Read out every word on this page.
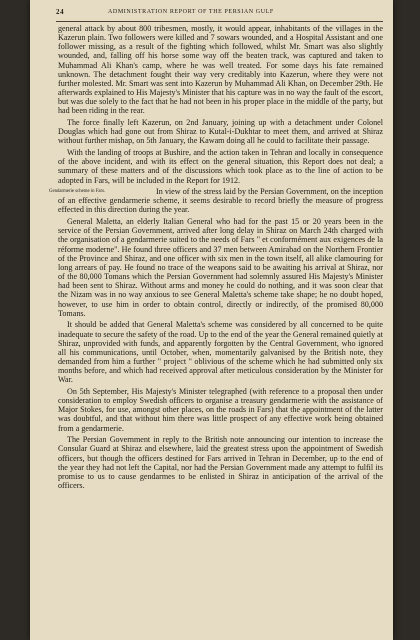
24	ADMINISTRATION REPORT OF THE PERSIAN GULF

general attack by about 800 tribesmen, mostly, it would appear, inhabitants of the villages in the Kazerun plain. Two followers were killed and 7 sowars wounded, and a Hospital Assistant and one follower missing, as a result of the fighting which followed, whilst Mr. Smart was also slightly wounded, and, falling off his horse some way off the beaten track, was captured and taken to Muhammad Ali Khan's camp, where he was well treated. For some days his fate remained unknown. The detachment fought their way very creditably into Kazerun, where they were not further molested. Mr. Smart was sent into Kazerun by Muhammad Ali Khan, on December 29th. He afterwards explained to His Majesty's Minister that his capture was in no way the fault of the escort, but was due solely to the fact that he had not been in his proper place in the middle of the party, but had been riding in the rear.

The force finally left Kazerun, on 2nd January, joining up with a detachment under Colonel Douglas which had gone out from Shiraz to Kutal-i-Dukhtar to meet them, and arrived at Shiraz without further mishap, on 5th January, the Kawam doing all he could to facilitate their passage.

With the landing of troops at Bushire, and the action taken in Tehran and locally in consequence of the above incident, and with its effect on the general situation, this Report does not deal; a summary of these matters and of the discussions which took place as to the line of action to be adopted in Fars, will be included in the Report for 1912.

Gendarmerie scheme in Fars.	In view of the stress laid by the Persian Government, on the inception of an effective gendarmerie scheme, it seems desirable to record briefly the measure of progress effected in this direction during the year.

General Maletta, an elderly Italian General who had for the past 15 or 20 years been in the service of the Persian Government, arrived after long delay in Shiraz on March 24th charged with the organisation of a gendarmerie suited to the needs of Fars " et conformément aux exigences de la réforme moderne". He found three officers and 37 men between Amirabad on the Northern Frontier of the Province and Shiraz, and one officer with six men in the town itself, all alike clamouring for long arrears of pay. He found no trace of the weapons said to be awaiting his arrival at Shiraz, nor of the 80,000 Tomans which the Persian Government had solemnly assured His Majesty's Minister had been sent to Shiraz. Without arms and money he could do nothing, and it was soon clear that the Nizam was in no way anxious to see General Maletta's scheme take shape; he no doubt hoped, however, to use him in order to obtain control, directly or indirectly, of the promised 80,000 Tomans.

It should be added that General Maletta's scheme was considered by all concerned to be quite inadequate to secure the safety of the road. Up to the end of the year the General remained quietly at Shiraz, unprovided with funds, and apparently forgotten by the Central Government, who ignored all his communications, until October, when, momentarily galvanised by the British note, they demanded from him a further " project " oblivious of the scheme which he had submitted only six months before, and which had received approval after meticulous consideration by the Minister for War.

On 5th September, His Majesty's Minister telegraphed (with reference to a proposal then under consideration to employ Swedish officers to organise a treasury gendarmerie with the assistance of Major Stokes, for use, amongst other places, on the roads in Fars) that the appointment of the latter was doubtful, and that without him there was little prospect of any effective work being obtained from a gendarmerie.

The Persian Government in reply to the British note announcing our intention to increase the Consular Guard at Shiraz and elsewhere, laid the greatest stress upon the appointment of Swedish officers, but though the officers destined for Fars arrived in Tehran in December, up to the end of the year they had not left the Capital, nor had the Persian Government made any attempt to fulfil its promise to us to cause gendarmes to be enlisted in Shiraz in anticipation of the arrival of the officers.
